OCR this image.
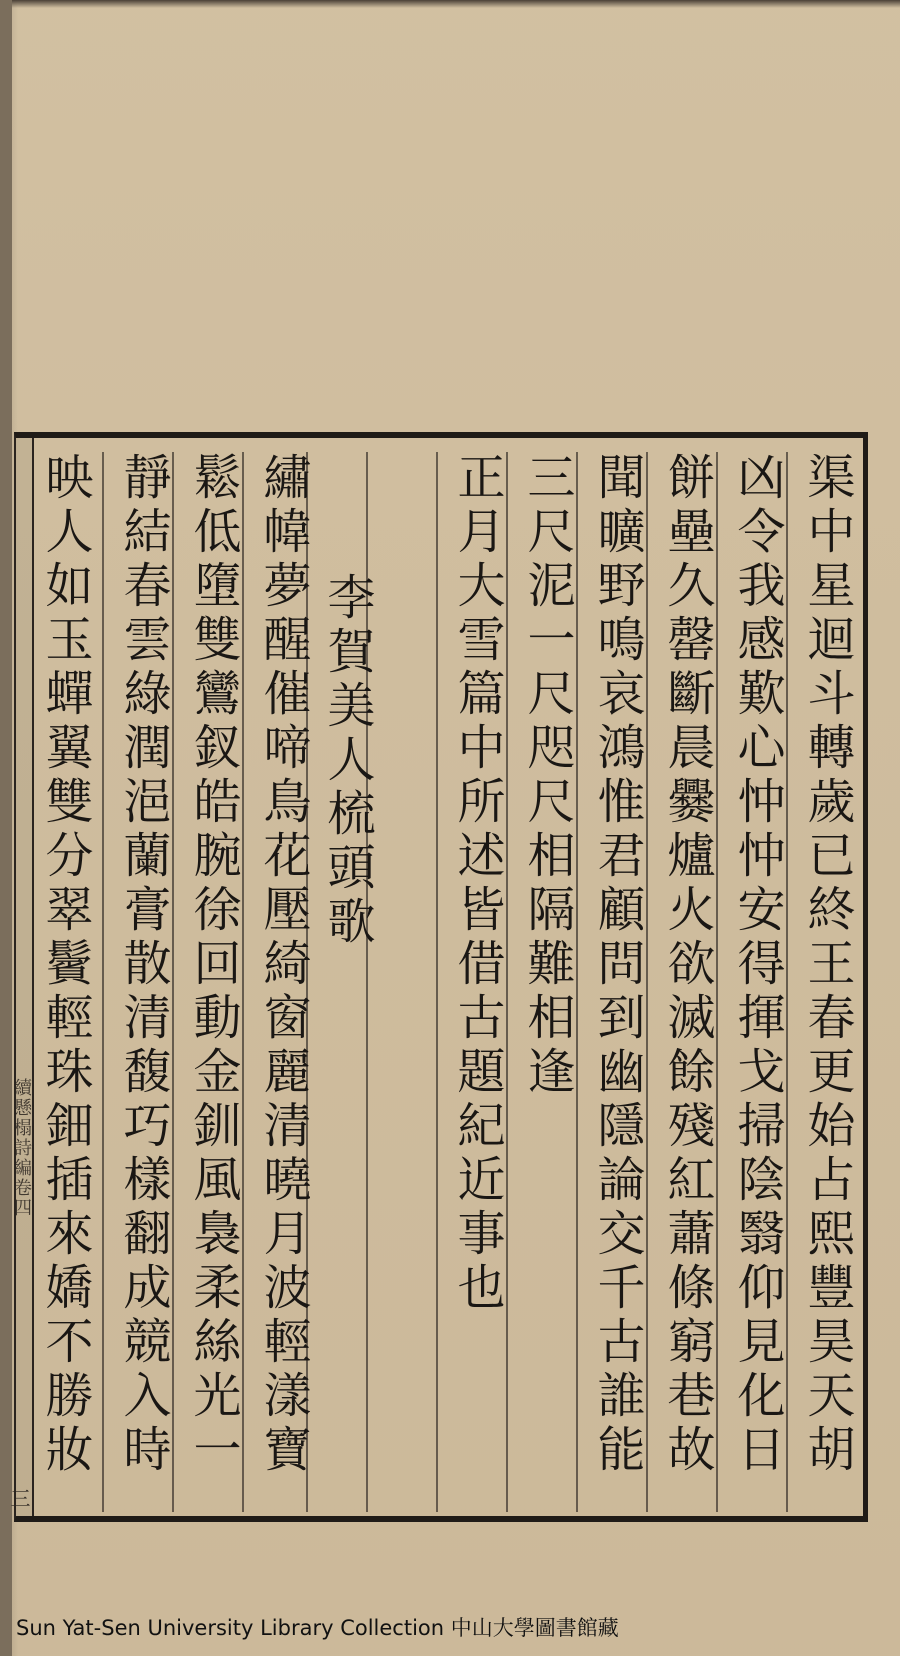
續懸榻詩編卷四
三
渠中星迴斗轉歲已終王春更始占熙豐昊天胡
凶令我感歎心忡忡安得揮戈掃陰翳仰見化日
餅壘久罄斷晨爨爐火欲滅餘殘紅蕭條窮巷故
聞曠野鳴哀鴻惟君顧問到幽隱論交千古誰能
三尺泥一尺咫尺相隔難相逢
正月大雪篇中所述皆借古題紀近事也
李賀美人梳頭歌
繡幃夢醒催啼鳥花壓綺窗麗清曉月波輕漾寶
鬆低墮雙鸞釵皓腕徐回動金釧風裊柔絲光一
靜結春雲綠潤浥蘭膏散清馥巧樣翻成競入時
映人如玉蟬翼雙分翠鬢輕珠鈿插來嬌不勝妝
Sun Yat-Sen University Library Collection 中山大學圖書館藏
